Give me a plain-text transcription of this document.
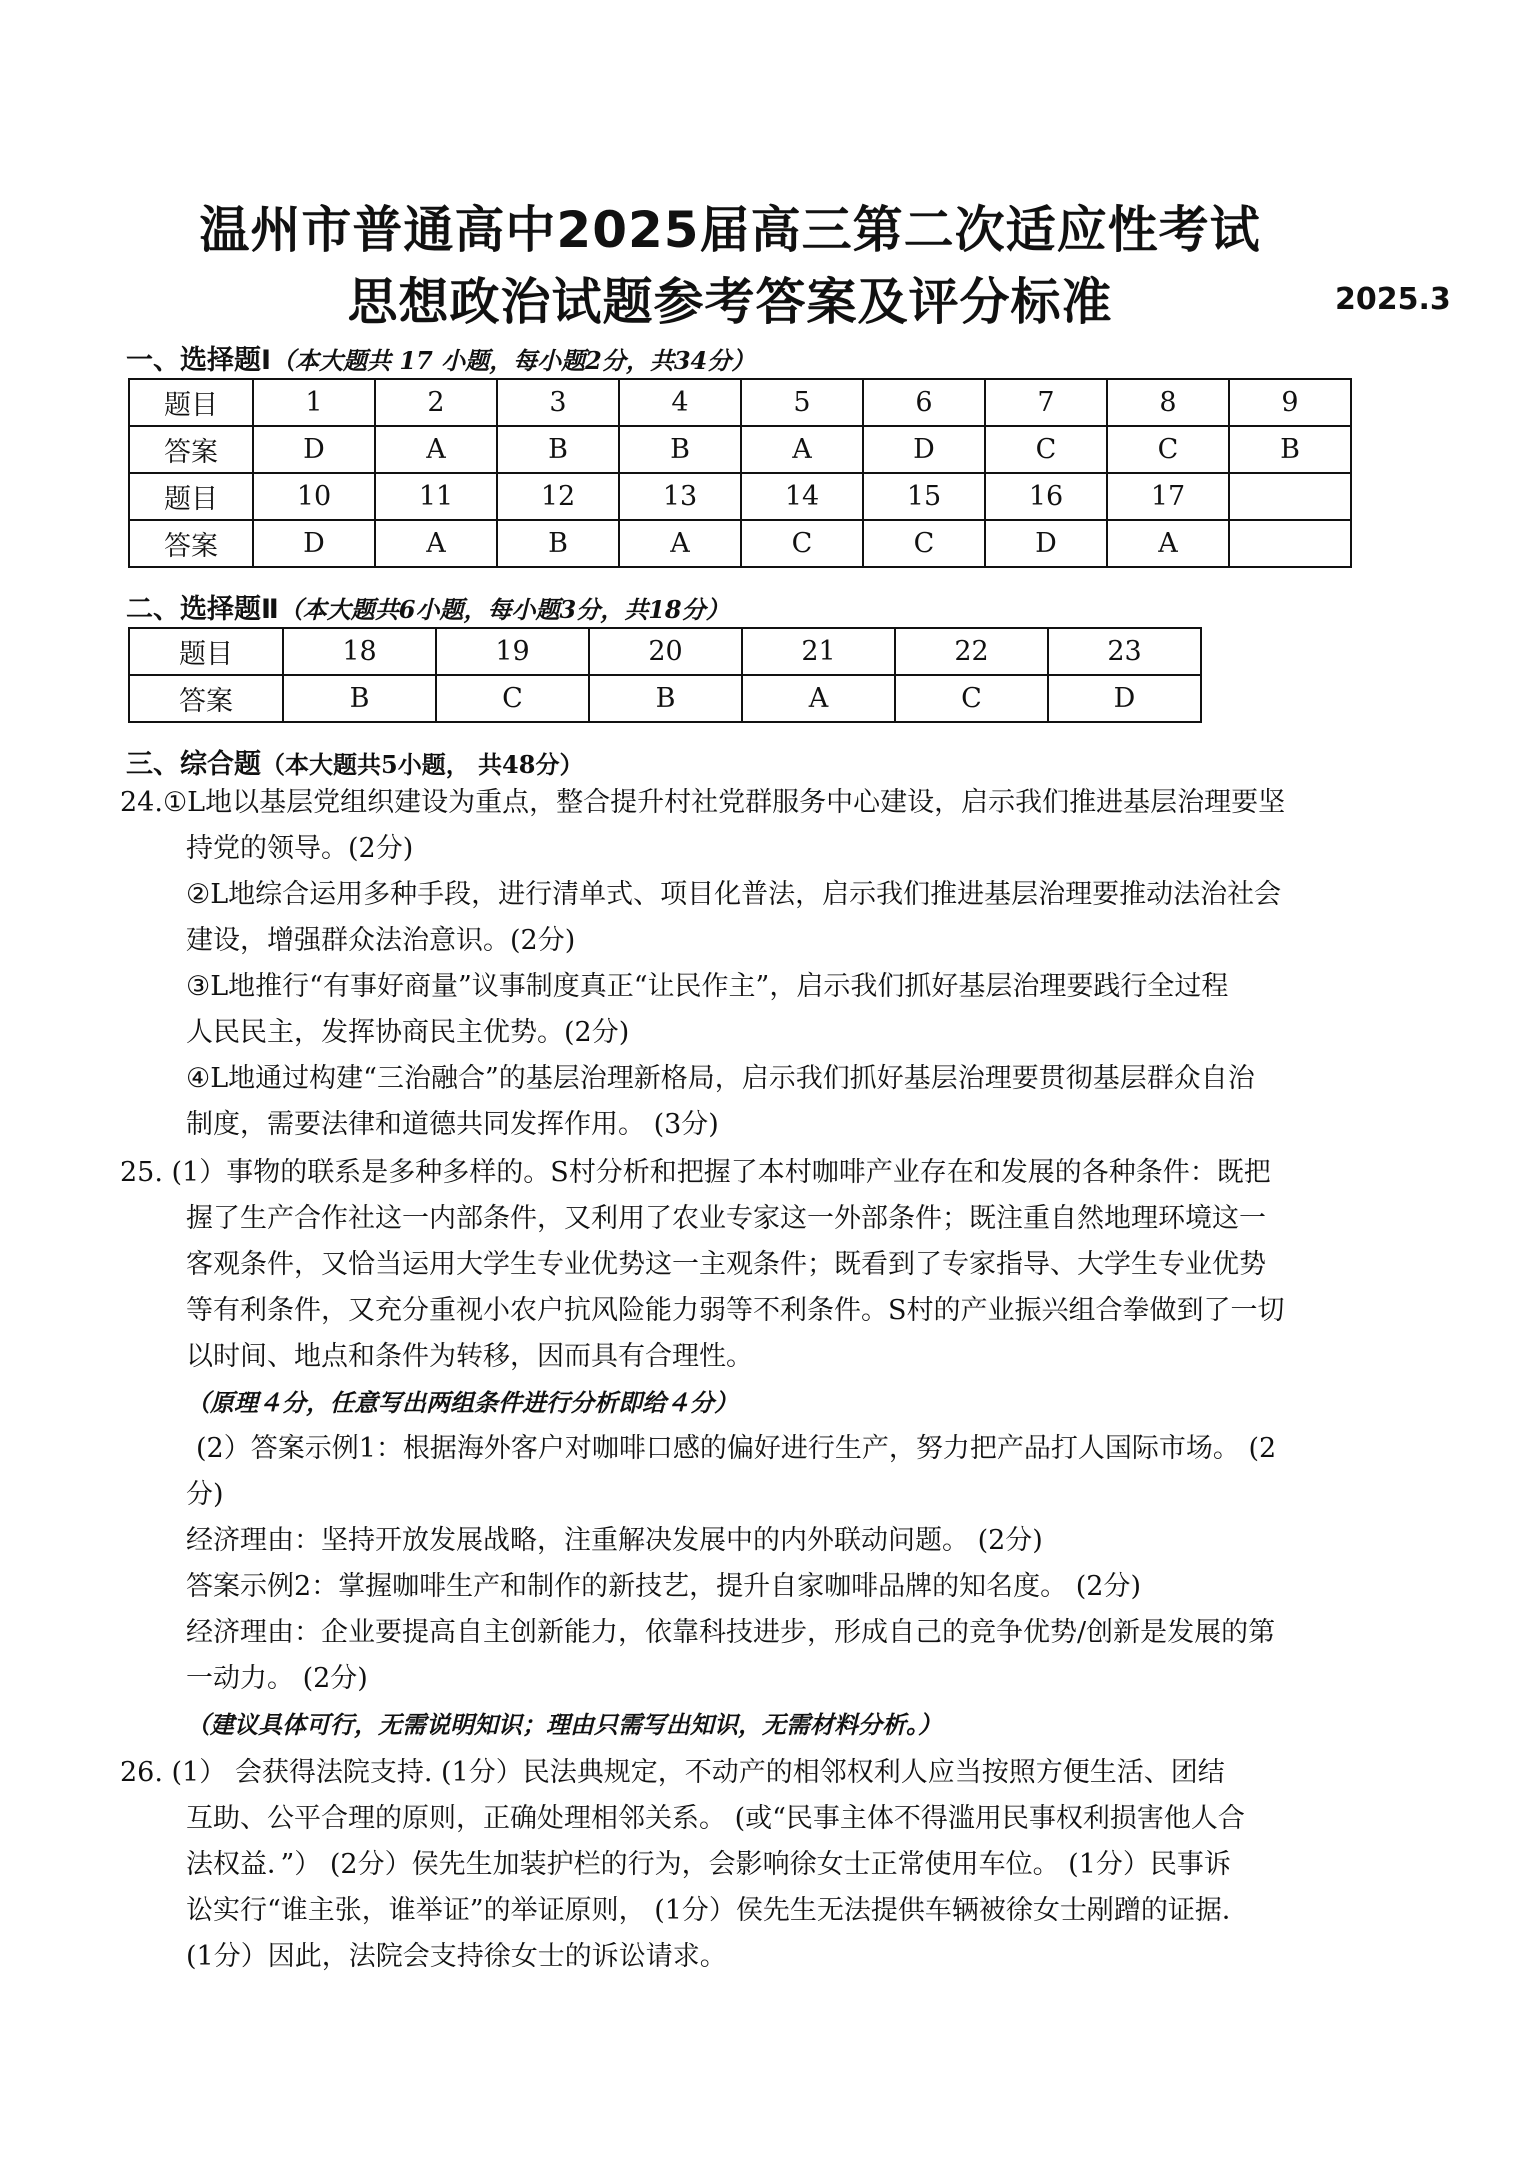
温州市普通高中2025届高三第二次适应性考试
思想政治试题参考答案及评分标准	2025.3
一、选择题Ⅰ（本大题共 17 小题，每小题2分，共34分）
题目	1	2	3	4	5	6	7	8	9
答案	D	A	B	B	A	D	C	C	B
题目	10	11	12	13	14	15	16	17	
答案	D	A	B	A	C	C	D	A	
二、选择题Ⅱ（本大题共6小题，每小题3分，共18分）
题目	18	19	20	21	22	23
答案	B	C	B	A	C	D
三、综合题（本大题共5小题， 共48分）

24.①L地以基层党组织建设为重点，整合提升村社党群服务中心建设，启示我们推进基层治理要坚

持党的领导。(2分)

②L地综合运用多种手段，进行清单式、项目化普法，启示我们推进基层治理要推动法治社会

建设，增强群众法治意识。(2分)

③L地推行“有事好商量”议事制度真正“让民作主”，启示我们抓好基层治理要践行全过程

人民民主，发挥协商民主优势。(2分)

④L地通过构建“三治融合”的基层治理新格局，启示我们抓好基层治理要贯彻基层群众自治

制度，需要法律和道德共同发挥作用。 (3分)

25. (1）事物的联系是多种多样的。S村分析和把握了本村咖啡产业存在和发展的各种条件：既把

握了生产合作社这一内部条件，又利用了农业专家这一外部条件；既注重自然地理环境这一

客观条件，又恰当运用大学生专业优势这一主观条件；既看到了专家指导、大学生专业优势

等有利条件，又充分重视小农户抗风险能力弱等不利条件。S村的产业振兴组合拳做到了一切

以时间、地点和条件为转移，因而具有合理性。

（原理４分，任意写出两组条件进行分析即给４分）

(2）答案示例1：根据海外客户对咖啡口感的偏好进行生产，努力把产品打人国际市场。 (2

分)

经济理由：坚持开放发展战略，注重解决发展中的内外联动问题。 (2分)

答案示例2：掌握咖啡生产和制作的新技艺，提升自家咖啡品牌的知名度。 (2分)

经济理由：企业要提高自主创新能力，依靠科技进步，形成自己的竞争优势/创新是发展的第

一动力。 (2分)

（建议具体可行，无需说明知识；理由只需写出知识，无需材料分析。）

26. (1） 会获得法院支持. (1分）民法典规定，不动产的相邻权利人应当按照方便生活、团结

互助、公平合理的原则，正确处理相邻关系。 (或“民事主体不得滥用民事权利损害他人合

法权益．”） (2分）侯先生加装护栏的行为，会影响徐女士正常使用车位。 (1分）民事诉

讼实行“谁主张，谁举证”的举证原则， (1分）侯先生无法提供车辆被徐女士剐蹭的证据．

(1分）因此，法院会支持徐女士的诉讼请求。
